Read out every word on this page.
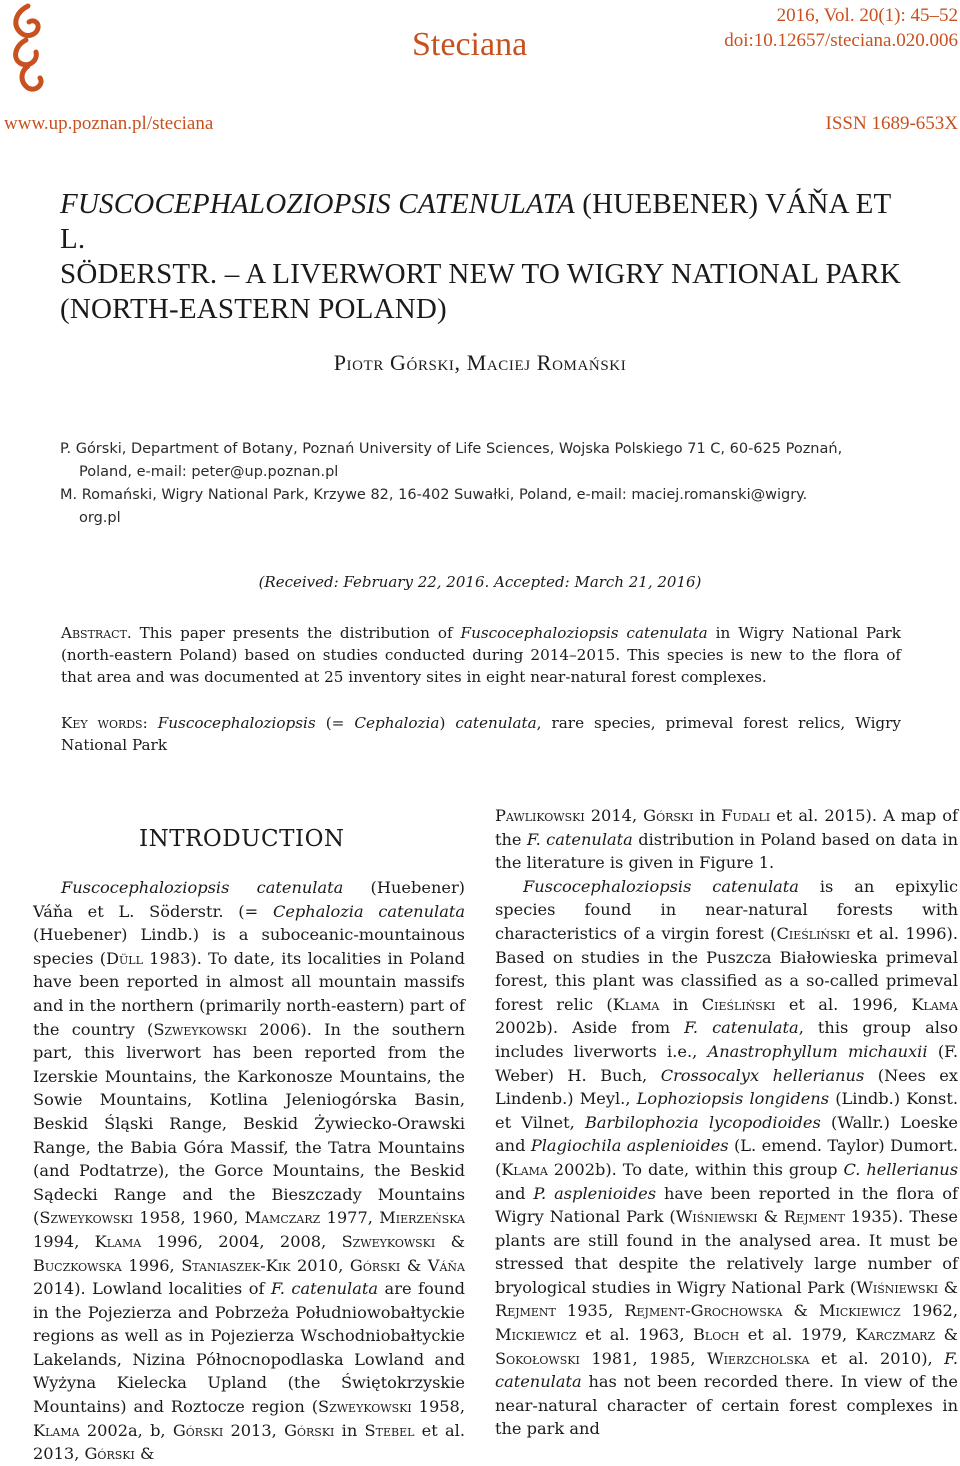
Steciana
2016, Vol. 20(1): 45–52
doi:10.12657/steciana.020.006
www.up.poznan.pl/steciana	ISSN 1689-653X
FUSCOCEPHALOZIOPSIS CATENULATA (HUEBENER) VÁŇA ET L.
SÖDERSTR. – A LIVERWORT NEW TO WIGRY NATIONAL PARK
(NORTH-EASTERN POLAND)
Piotr Górski, Maciej Romański

P. Górski, Department of Botany, Poznań University of Life Sciences, Wojska Polskiego 71 C, 60-625 Poznań,

Poland, e-mail: peter@up.poznan.pl

M. Romański, Wigry National Park, Krzywe 82, 16-402 Suwałki, Poland, e-mail: maciej.romanski@wigry.

org.pl

(Received: February 22, 2016. Accepted: March 21, 2016)

Abstract. This paper presents the distribution of Fuscocephaloziopsis catenulata in Wigry National Park (north-eastern Poland) based on studies conducted during 2014–2015. This species is new to the flora of that area and was documented at 25 inventory sites in eight near-natural forest complexes.

Key words: Fuscocephaloziopsis (= Cephalozia) catenulata, rare species, primeval forest relics, Wigry National Park

INTRODUCTION

Fuscocephaloziopsis catenulata (Huebener) Váňa et L. Söderstr. (= Cephalozia catenulata (Huebener) Lindb.) is a suboceanic-mountainous species (Düll 1983). To date, its localities in Poland have been reported in almost all mountain massifs and in the northern (primarily north-eastern) part of the country (Szweykowski 2006). In the southern part, this liverwort has been reported from the Izerskie Mountains, the Karkonosze Mountains, the Sowie Mountains, Kotlina Jeleniogórska Basin, Beskid Śląski Range, Beskid Żywiecko-Orawski Range, the Babia Góra Massif, the Tatra Mountains (and Podtatrze), the Gorce Mountains, the Beskid Sądecki Range and the Bieszczady Mountains (Szweykowski 1958, 1960, Mamczarz 1977, Mierzeńska 1994, Klama 1996, 2004, 2008, Szweykowski & Buczkowska 1996, Staniaszek-Kik 2010, Górski & Váňa 2014). Lowland localities of F. catenulata are found in the Pojezierza and Pobrzeża Południowobałtyckie regions as well as in Pojezierza Wschodniobałtyckie Lakelands, Nizina Północnopodlaska Lowland and Wyżyna Kielecka Upland (the Świętokrzyskie Mountains) and Roztocze region (Szweykowski 1958, Klama 2002a, b, Górski 2013, Górski in Stebel et al. 2013, Górski &

Pawlikowski 2014, Górski in Fudali et al. 2015). A map of the F. catenulata distribution in Poland based on data in the literature is given in Figure 1.

Fuscocephaloziopsis catenulata is an epixylic species found in near-natural forests with characteristics of a virgin forest (Cieśliński et al. 1996). Based on studies in the Puszcza Białowieska primeval forest, this plant was classified as a so-called primeval forest relic (Klama in Cieśliński et al. 1996, Klama 2002b). Aside from F. catenulata, this group also includes liverworts i.e., Anastrophyllum michauxii (F. Weber) H. Buch, Crossocalyx hellerianus (Nees ex Lindenb.) Meyl., Lophoziopsis longidens (Lindb.) Konst. et Vilnet, Barbilophozia lycopodioides (Wallr.) Loeske and Plagiochila asplenioides (L. emend. Taylor) Dumort. (Klama 2002b). To date, within this group C. hellerianus and P. asplenioides have been reported in the flora of Wigry National Park (Wiśniewski & Rejment 1935). These plants are still found in the analysed area. It must be stressed that despite the relatively large number of bryological studies in Wigry National Park (Wiśniewski & Rejment 1935, Rejment-Grochowska & Mickiewicz 1962, Mickiewicz et al. 1963, Bloch et al. 1979, Karczmarz & Sokołowski 1981, 1985, Wierzcholska et al. 2010), F. catenulata has not been recorded there. In view of the near-natural character of certain forest complexes in the park and
